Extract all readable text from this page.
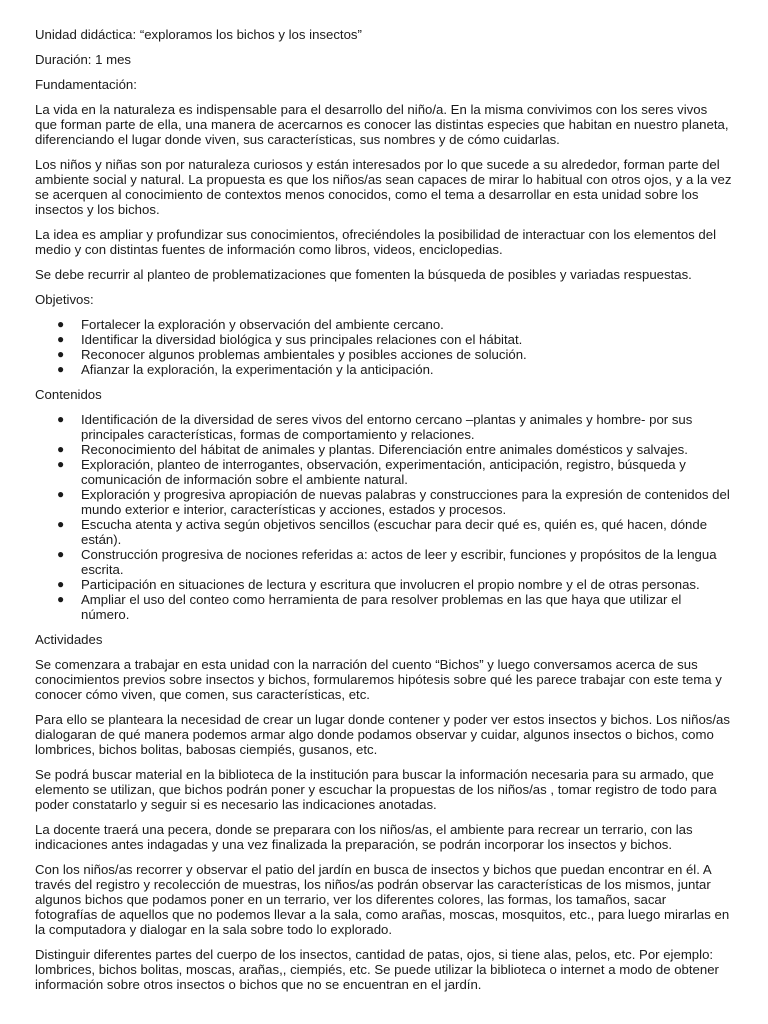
Unidad didáctica: “exploramos los bichos y los insectos”

Duración: 1 mes

Fundamentación:

La vida en la naturaleza es indispensable para el desarrollo del niño/a. En la misma convivimos con los seres vivos que forman parte de ella, una manera de acercarnos es conocer las distintas especies que habitan en nuestro planeta, diferenciando el lugar donde viven, sus características, sus nombres y de cómo cuidarlas.

Los niños y niñas son por naturaleza curiosos y están interesados por lo que sucede a su alrededor, forman parte del ambiente social y natural. La propuesta es que los niños/as sean capaces de mirar lo habitual con otros ojos, y a la vez se acerquen al conocimiento de contextos menos conocidos, como el tema a desarrollar en esta unidad sobre los insectos y los bichos.

La idea es ampliar y profundizar sus conocimientos, ofreciéndoles la posibilidad de interactuar con los elementos del medio y con distintas fuentes de información como libros, videos, enciclopedias.

Se debe recurrir al planteo de problematizaciones que fomenten la búsqueda de posibles y variadas respuestas.

Objetivos:

● Fortalecer la exploración y observación del ambiente cercano.
● Identificar la diversidad biológica y sus principales relaciones con el hábitat.
● Reconocer algunos problemas ambientales y posibles acciones de solución.
● Afianzar la exploración, la experimentación y la anticipación.

Contenidos

● Identificación de la diversidad de seres vivos del entorno cercano –plantas y animales y hombre- por sus principales características, formas de comportamiento y relaciones.
● Reconocimiento del hábitat de animales y plantas. Diferenciación entre animales domésticos y salvajes.
● Exploración, planteo de interrogantes, observación, experimentación, anticipación, registro, búsqueda y comunicación de información sobre el ambiente natural.
● Exploración y progresiva apropiación de nuevas palabras y construcciones para la expresión de contenidos del mundo exterior e interior, características y acciones, estados y procesos.
● Escucha atenta y activa según objetivos sencillos (escuchar para decir qué es, quién es, qué hacen, dónde están).
● Construcción progresiva de nociones referidas a: actos de leer y escribir, funciones y propósitos de la lengua escrita.
● Participación en situaciones de lectura y escritura que involucren el propio nombre y el de otras personas.
● Ampliar el uso del conteo como herramienta de para resolver problemas en las que haya que utilizar el número.

Actividades

Se comenzara a trabajar en esta unidad con la narración del cuento “Bichos” y luego conversamos acerca de sus conocimientos previos sobre insectos y bichos, formularemos hipótesis sobre qué les parece trabajar con este tema y conocer cómo viven, que comen, sus características, etc.

Para ello se planteara la necesidad de crear un lugar donde contener y poder ver estos insectos y bichos. Los niños/as dialogaran de qué manera podemos armar algo donde podamos observar y cuidar, algunos insectos o bichos, como lombrices, bichos bolitas, babosas ciempiés, gusanos, etc.

Se podrá buscar material en la biblioteca de la institución para buscar la información necesaria para su armado, que elemento se utilizan, que bichos podrán poner y escuchar la propuestas de los niños/as , tomar registro de todo para poder constatarlo y seguir si es necesario las indicaciones anotadas.

La docente traerá una pecera, donde se prepararа con los niños/as, el ambiente para recrear un terrario, con las indicaciones antes indagadas y una vez finalizada la preparación, se podrán incorporar los insectos y bichos.

Con los niños/as recorrer y observar el patio del jardín en busca de insectos y bichos que puedan encontrar en él. A través del registro y recolección de muestras, los niños/as podrán observar las características de los mismos, juntar algunos bichos que podamos poner en un terrario, ver los diferentes colores, las formas, los tamaños, sacar fotografías de aquellos que no podemos llevar a la sala, como arañas, moscas, mosquitos, etc., para luego mirarlas en la computadora y dialogar en la sala sobre todo lo explorado.

Distinguir diferentes partes del cuerpo de los insectos, cantidad de patas, ojos, si tiene alas, pelos, etc. Por ejemplo: lombrices, bichos bolitas, moscas, arañas,, ciempiés, etc. Se puede utilizar la biblioteca o internet a modo de obtener información sobre otros insectos o bichos que no se encuentran en el jardín.
